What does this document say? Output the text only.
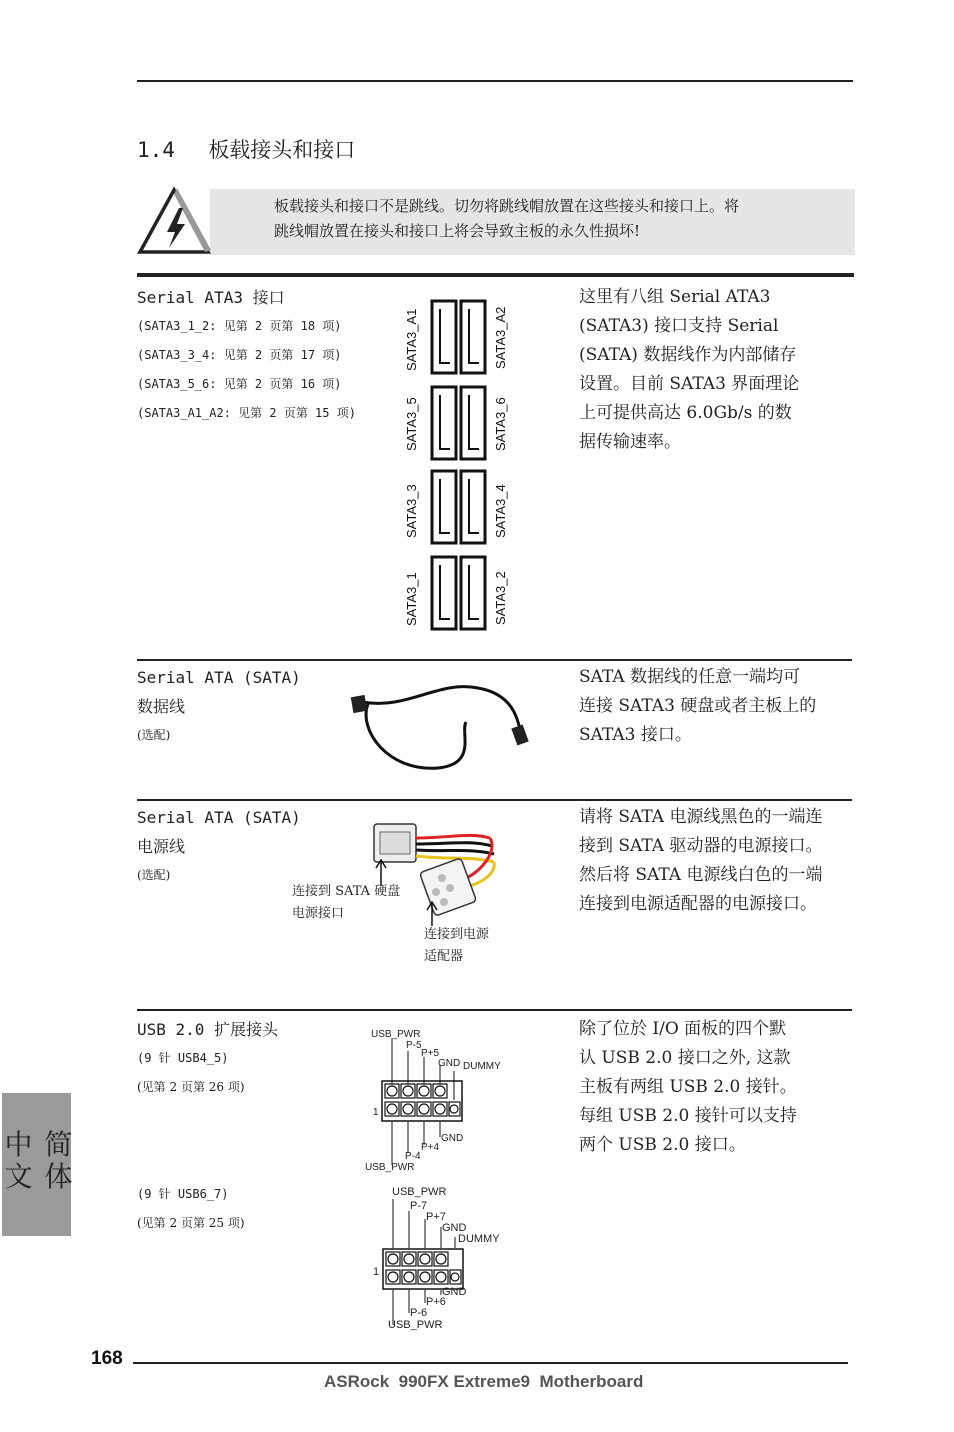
1.4 板载接头和接口
板载接头和接口不是跳线。切勿将跳线帽放置在这些接头和接口上。将
跳线帽放置在接头和接口上将会导致主板的永久性损坏!
Serial ATA3 接口
(SATA3_1_2: 见第 2 页第 18 项)
(SATA3_3_4: 见第 2 页第 17 项)
(SATA3_5_6: 见第 2 页第 16 项)
(SATA3_A1_A2: 见第 2 页第 15 项)
SATA3_A1	SATA3_A2
SATA3_5	SATA3_6
SATA3_3	SATA3_4
SATA3_1	SATA3_2
这里有八组 Serial ATA3
(SATA3) 接口支持 Serial
(SATA) 数据线作为内部储存
设置。目前 SATA3 界面理论
上可提供高达 6.0Gb/s 的数
据传输速率。
Serial ATA (SATA)
数据线
(选配)
SATA 数据线的任意一端均可
连接 SATA3 硬盘或者主板上的
SATA3 接口。
Serial ATA (SATA)
电源线
(选配)
连接到 SATA 硬盘
电源接口
连接到电源
适配器
请将 SATA 电源线黑色的一端连
接到 SATA 驱动器的电源接口。
然后将 SATA 电源线白色的一端
连接到电源适配器的电源接口。
USB 2.0 扩展接头
(9 针 USB4_5)
(见第 2 页第 26 项)
(9 针 USB6_7)
(见第 2 页第 25 项)
USB_PWR
P-5
P+5
GND DUMMY
1
GND
P+4
P-4
USB_PWR
USB_PWR
P-7
P+7
GND
DUMMY
1
GND
P+6
P-6
USB_PWR
除了位於 I/O 面板的四个默
认 USB 2.0 接口之外, 这款
主板有两组 USB 2.0 接针。
每组 USB 2.0 接针可以支持
两个 USB 2.0 接口。
简体中文
168
ASRock  990FX Extreme9  Motherboard
